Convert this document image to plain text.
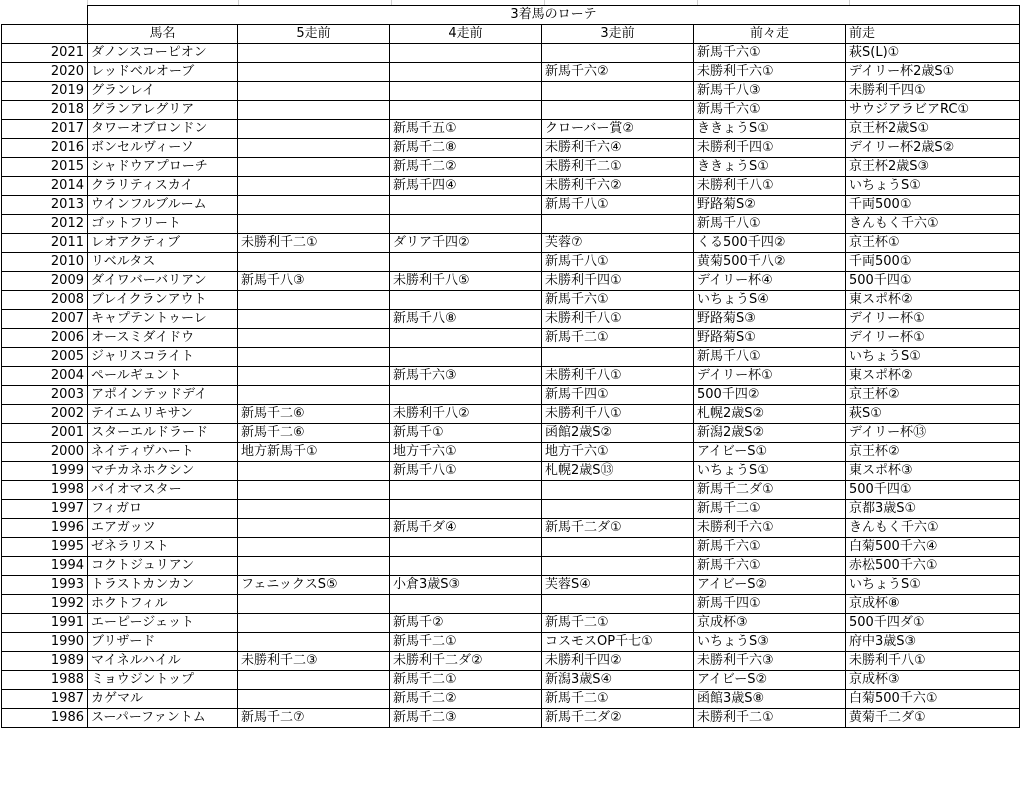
	3着馬のローテ					
	馬名	5走前	4走前	3走前	前々走	前走
2021	ダノンスコーピオン				新馬千六①	萩S(L)①
2020	レッドベルオーブ			新馬千六②	未勝利千六①	デイリー杯2歳S①
2019	グランレイ				新馬千八③	未勝利千四①
2018	グランアレグリア				新馬千六①	サウジアラビアRC①
2017	タワーオブロンドン		新馬千五①	クローバー賞②	ききょうS①	京王杯2歳S①
2016	ボンセルヴィーソ		新馬千二⑧	未勝利千六④	未勝利千四①	デイリー杯2歳S②
2015	シャドウアプローチ		新馬千二②	未勝利千二①	ききょうS①	京王杯2歳S③
2014	クラリティスカイ		新馬千四④	未勝利千六②	未勝利千八①	いちょうS①
2013	ウインフルブルーム			新馬千八①	野路菊S②	千両500①
2012	ゴットフリート				新馬千八①	きんもく千六①
2011	レオアクティブ	未勝利千二①	ダリア千四②	芙蓉⑦	くる500千四②	京王杯①
2010	リベルタス			新馬千八①	黄菊500千八②	千両500①
2009	ダイワバーバリアン	新馬千八③	未勝利千八⑤	未勝利千四①	デイリー杯④	500千四①
2008	ブレイクランアウト			新馬千六①	いちょうS④	東スポ杯②
2007	キャプテントゥーレ		新馬千八⑧	未勝利千八①	野路菊S③	デイリー杯①
2006	オースミダイドウ			新馬千二①	野路菊S①	デイリー杯①
2005	ジャリスコライト				新馬千八①	いちょうS①
2004	ペールギュント		新馬千六③	未勝利千八①	デイリー杯①	東スポ杯②
2003	アポインテッドデイ			新馬千四①	500千四②	京王杯②
2002	テイエムリキサン	新馬千二⑥	未勝利千八②	未勝利千八①	札幌2歳S②	萩S①
2001	スターエルドラード	新馬千二⑥	新馬千①	函館2歳S②	新潟2歳S②	デイリー杯⑬
2000	ネイティヴハート	地方新馬千①	地方千六①	地方千六①	アイビーS①	京王杯②
1999	マチカネホクシン		新馬千八①	札幌2歳S⑬	いちょうS①	東スポ杯③
1998	バイオマスター				新馬千二ダ①	500千四①
1997	フィガロ				新馬千二①	京都3歳S①
1996	エアガッツ		新馬千ダ④	新馬千二ダ①	未勝利千六①	きんもく千六①
1995	ゼネラリスト				新馬千六①	白菊500千六④
1994	コクトジュリアン				新馬千六①	赤松500千六①
1993	トラストカンカン	フェニックスS⑤	小倉3歳S③	芙蓉S④	アイビーS②	いちょうS①
1992	ホクトフィル				新馬千四①	京成杯⑧
1991	エーピージェット		新馬千②	新馬千二①	京成杯③	500千四ダ①
1990	ブリザード		新馬千二①	コスモスOP千七①	いちょうS③	府中3歳S③
1989	マイネルハイル	未勝利千二③	未勝利千二ダ②	未勝利千四②	未勝利千六③	未勝利千八①
1988	ミョウジントップ		新馬千二①	新潟3歳S④	アイビーS②	京成杯③
1987	カゲマル		新馬千二②	新馬千二①	函館3歳S⑧	白菊500千六①
1986	スーパーファントム	新馬千二⑦	新馬千二③	新馬千二ダ②	未勝利千二①	黄菊千二ダ①
